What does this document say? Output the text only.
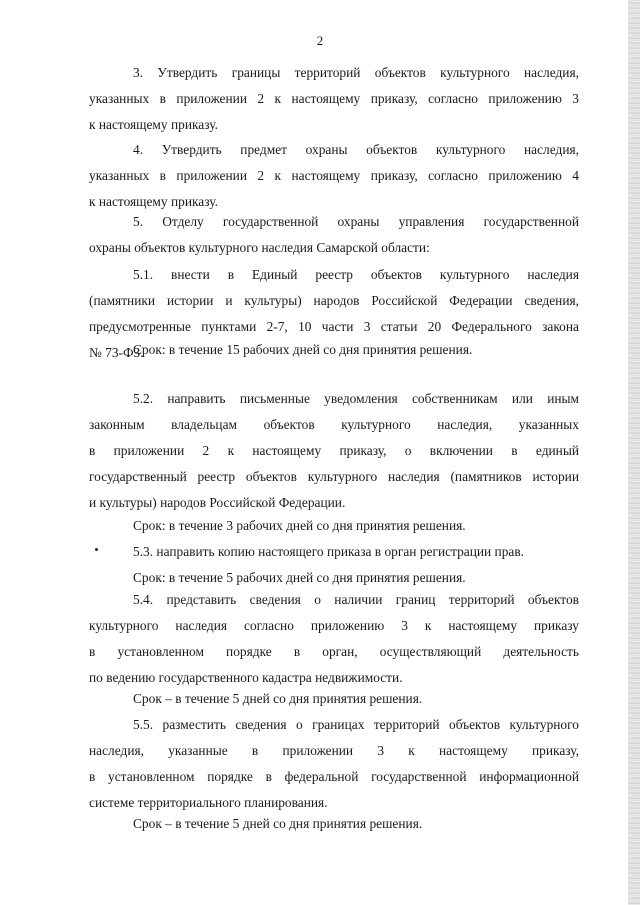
2
3. Утвердить границы территорий объектов культурного наследия,
указанных в приложении 2 к настоящему приказу, согласно приложению 3
к настоящему приказу.
4. Утвердить предмет охраны объектов культурного наследия,
указанных в приложении 2 к настоящему приказу, согласно приложению 4
к настоящему приказу.
5. Отделу государственной охраны управления государственной
охраны объектов культурного наследия Самарской области:
5.1. внести в Единый реестр объектов культурного наследия
(памятники истории и культуры) народов Российской Федерации сведения,
предусмотренные пунктами 2-7, 10 части 3 статьи 20 Федерального закона
№ 73-ФЗ.
Срок: в течение 15 рабочих дней со дня принятия решения.
5.2. направить письменные уведомления собственникам или иным
законным владельцам объектов культурного наследия, указанных
в приложении 2 к настоящему приказу, о включении в единый
государственный реестр объектов культурного наследия (памятников истории
и культуры) народов Российской Федерации.
Срок: в течение 3 рабочих дней со дня принятия решения.
5.3. направить копию настоящего приказа в орган регистрации прав.
Срок: в течение 5 рабочих дней со дня принятия решения.
5.4. представить сведения о наличии границ территорий объектов
культурного наследия согласно приложению 3 к настоящему приказу
в установленном порядке в орган, осуществляющий деятельность
по ведению государственного кадастра недвижимости.
Срок – в течение 5 дней со дня принятия решения.
5.5. разместить сведения о границах территорий объектов культурного
наследия, указанные в приложении 3 к настоящему приказу,
в установленном порядке в федеральной государственной информационной
системе территориального планирования.
Срок – в течение 5 дней со дня принятия решения.
